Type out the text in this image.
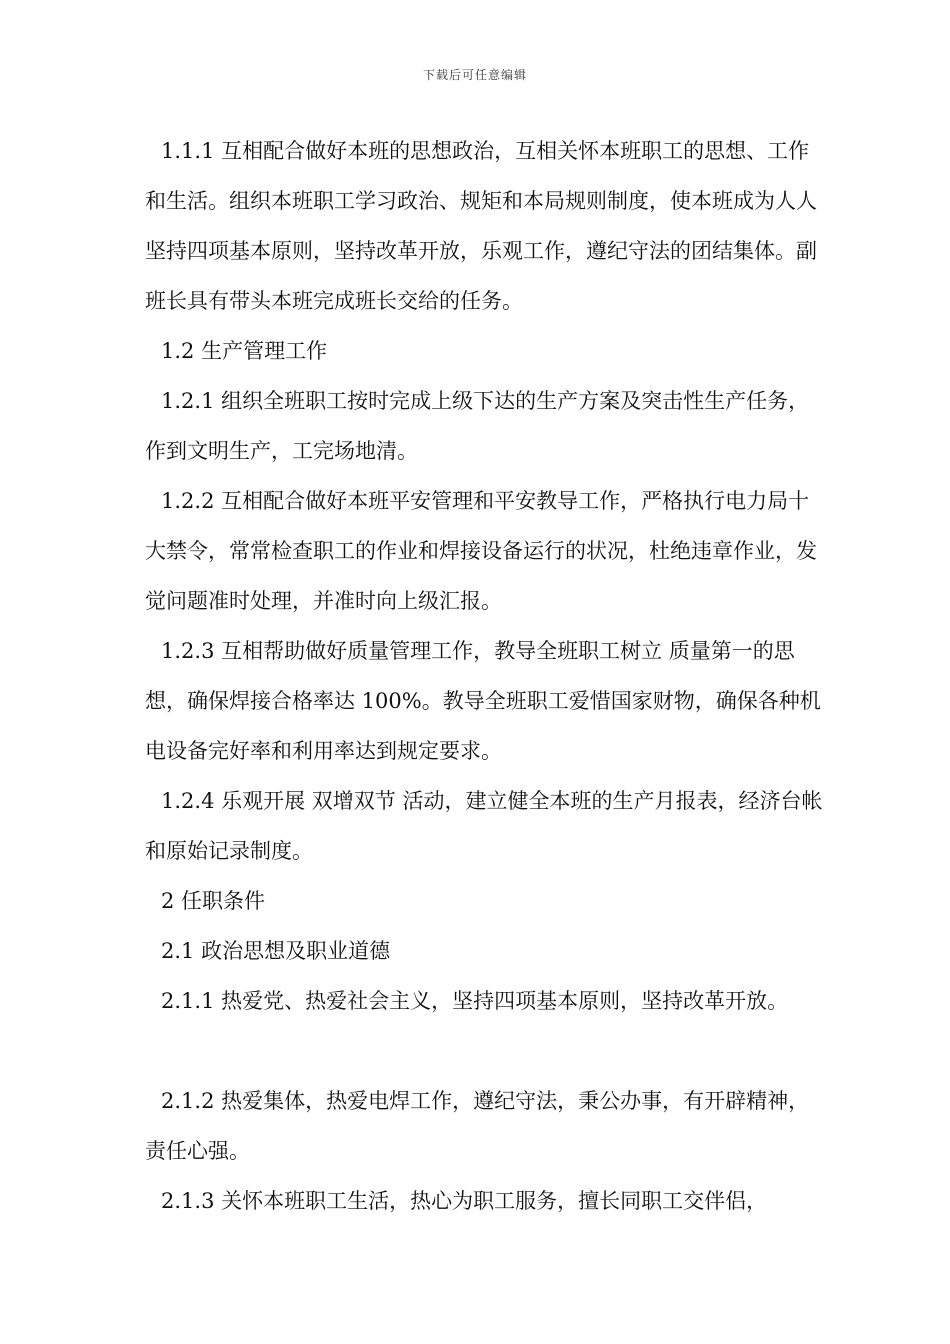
下载后可任意编辑

1.1.1 互相配合做好本班的思想政治，互相关怀本班职工的思想、工作和生活。组织本班职工学习政治、规矩和本局规则制度，使本班成为人人坚持四项基本原则，坚持改革开放，乐观工作，遵纪守法的团结集体。副班长具有带头本班完成班长交给的任务。

1.2 生产管理工作

1.2.1 组织全班职工按时完成上级下达的生产方案及突击性生产任务，作到文明生产，工完场地清。

1.2.2 互相配合做好本班平安管理和平安教导工作，严格执行电力局十大禁令，常常检查职工的作业和焊接设备运行的状况，杜绝违章作业，发觉问题准时处理，并准时向上级汇报。

1.2.3 互相帮助做好质量管理工作，教导全班职工树立 质量第一的思想，确保焊接合格率达 100%。教导全班职工爱惜国家财物，确保各种机电设备完好率和利用率达到规定要求。

1.2.4 乐观开展 双增双节 活动，建立健全本班的生产月报表，经济台帐和原始记录制度。

2 任职条件

2.1 政治思想及职业道德

2.1.1 热爱党、热爱社会主义，坚持四项基本原则，坚持改革开放。

2.1.2 热爱集体，热爱电焊工作，遵纪守法，秉公办事，有开辟精神，责任心强。

2.1.3 关怀本班职工生活，热心为职工服务，擅长同职工交伴侣，
